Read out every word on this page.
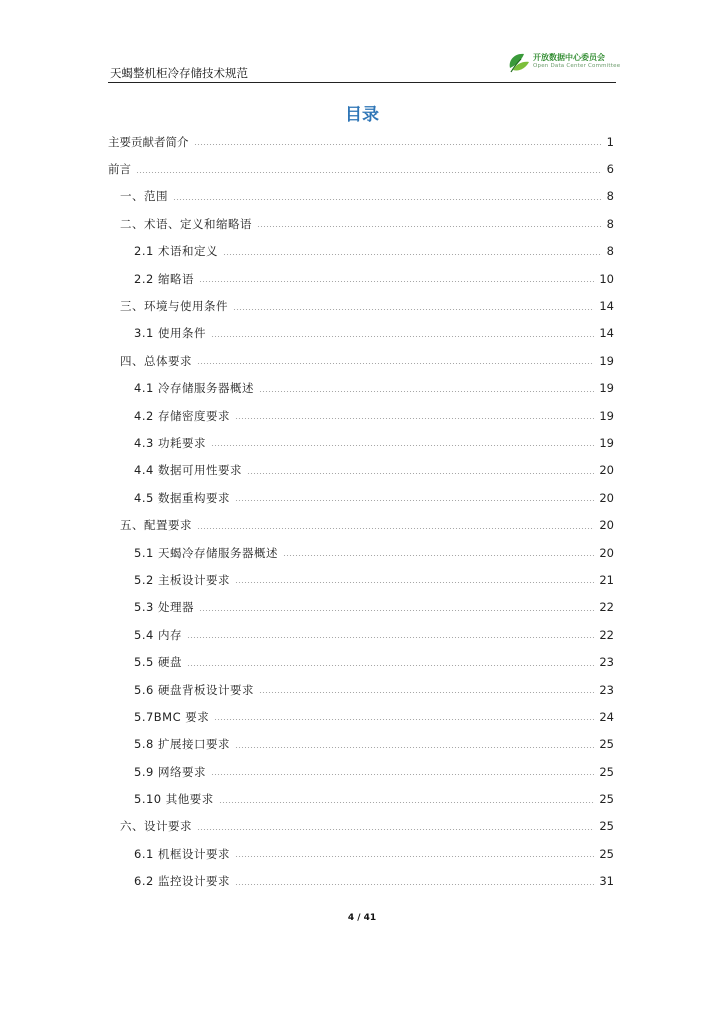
天蝎整机柜冷存储技术规范
开放数据中心委员会
Open Data Center Committee
目录
主要贡献者简介	1
前言	6
一、范围	8
二、术语、定义和缩略语	8
2.1 术语和定义	8
2.2 缩略语	10
三、环境与使用条件	14
3.1 使用条件	14
四、总体要求	19
4.1 冷存储服务器概述	19
4.2 存储密度要求	19
4.3 功耗要求	19
4.4 数据可用性要求	20
4.5 数据重构要求	20
五、配置要求	20
5.1 天蝎冷存储服务器概述	20
5.2 主板设计要求	21
5.3 处理器	22
5.4 内存	22
5.5 硬盘	23
5.6 硬盘背板设计要求	23
5.7BMC 要求	24
5.8 扩展接口要求	25
5.9 网络要求	25
5.10 其他要求	25
六、设计要求	25
6.1 机框设计要求	25
6.2 监控设计要求	31
4 / 41
